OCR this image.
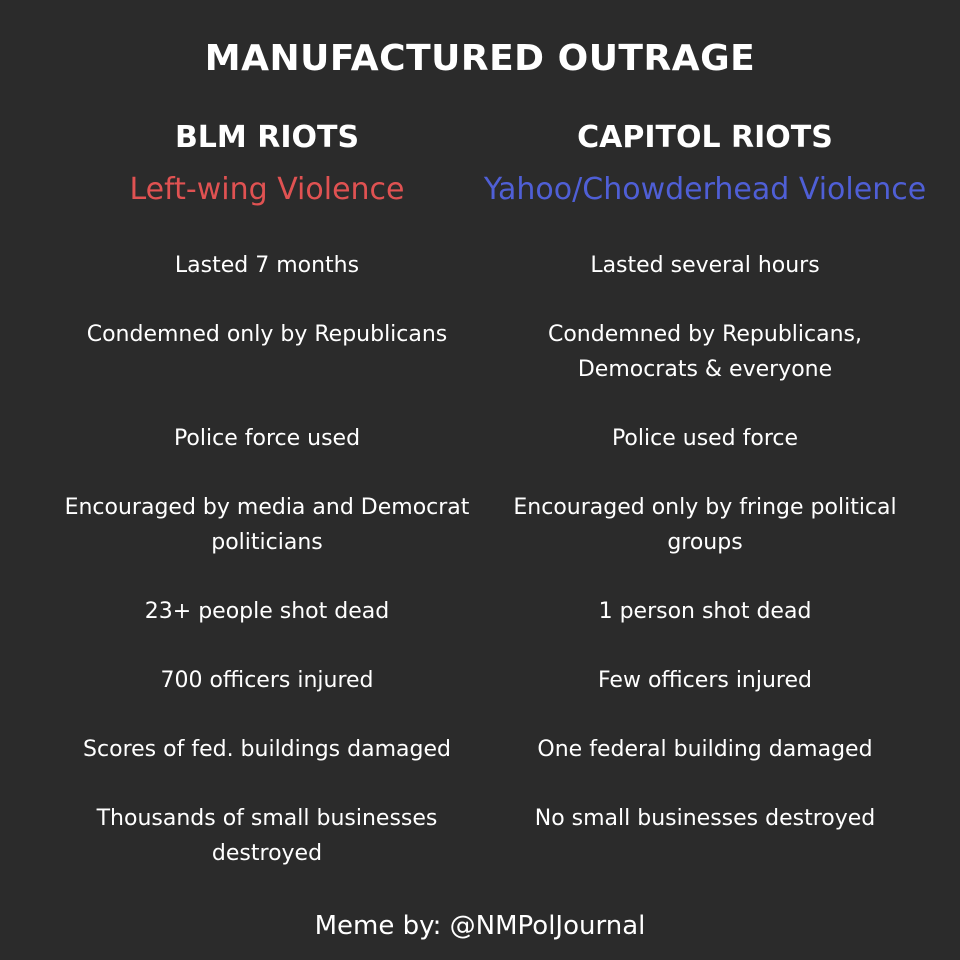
MANUFACTURED OUTRAGE
BLM RIOTS
Left-wing Violence
Lasted 7 months
Condemned only by Republicans
Police force used
Encouraged by media and Democrat politicians
23+ people shot dead
700 officers injured
Scores of fed. buildings damaged
Thousands of small businesses destroyed
CAPITOL RIOTS
Yahoo/Chowderhead Violence
Lasted several hours
Condemned by Republicans, Democrats & everyone
Police used force
Encouraged only by fringe political groups
1 person shot dead
Few officers injured
One federal building damaged
No small businesses destroyed
Meme by: @NMPolJournal
